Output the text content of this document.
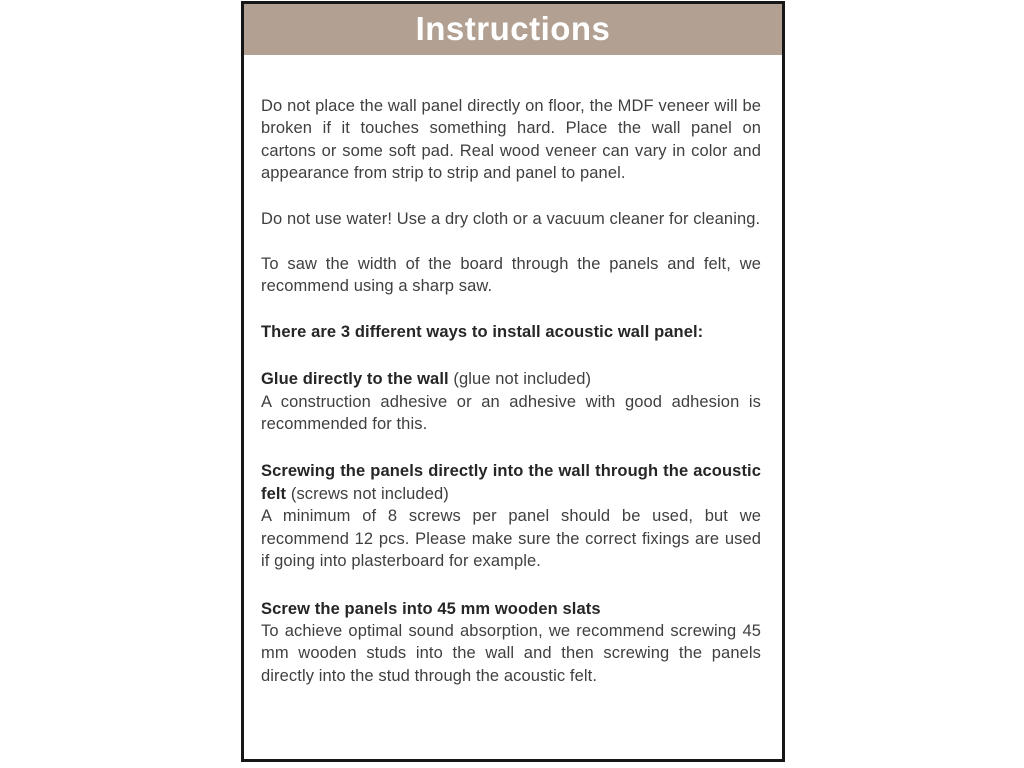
Instructions

Do not place the wall panel directly on floor, the MDF veneer will be broken if it touches something hard. Place the wall panel on cartons or some soft pad. Real wood veneer can vary in color and appearance from strip to strip and panel to panel.

Do not use water! Use a dry cloth or a vacuum cleaner for cleaning.

To saw the width of the board through the panels and felt, we recommend using a sharp saw.

There are 3 different ways to install acoustic wall panel:

Glue directly to the wall (glue not included)

A construction adhesive or an adhesive with good adhesion is recommended for this.

Screwing the panels directly into the wall through the acoustic felt (screws not included)

A minimum of 8 screws per panel should be used, but we recommend 12 pcs. Please make sure the correct fixings are used if going into plasterboard for example.

Screw the panels into 45 mm wooden slats

To achieve optimal sound absorption, we recommend screwing 45 mm wooden studs into the wall and then screwing the panels directly into the stud through the acoustic felt.
